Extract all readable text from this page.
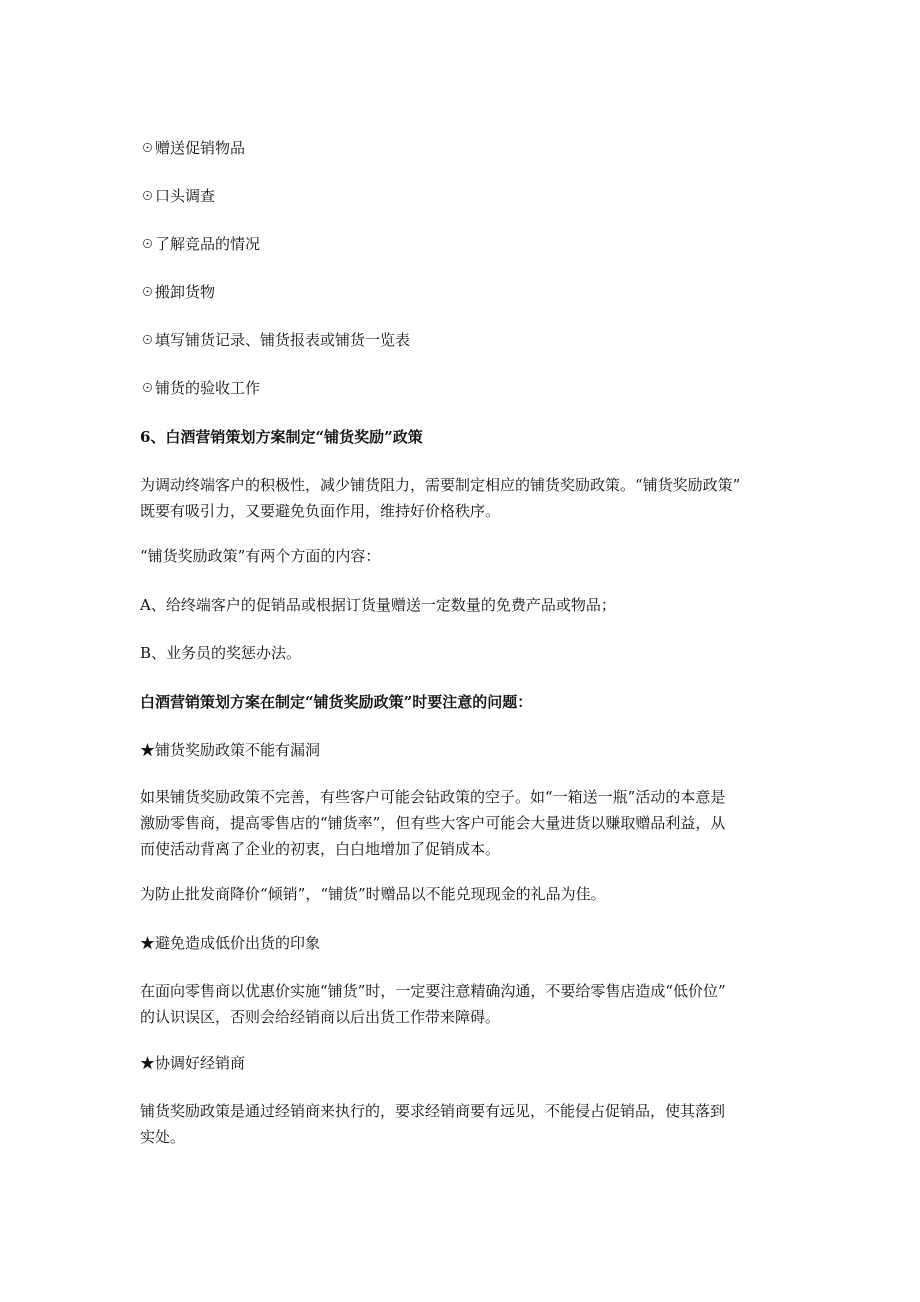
☉赠送促销物品
☉口头调查
☉了解竞品的情况
☉搬卸货物
☉填写铺货记录、铺货报表或铺货一览表
☉铺货的验收工作
6、白酒营销策划方案制定“铺货奖励”政策
为调动终端客户的积极性，减少铺货阻力，需要制定相应的铺货奖励政策。“铺货奖励政策”
既要有吸引力，又要避免负面作用，维持好价格秩序。
“铺货奖励政策”有两个方面的内容：
A、给终端客户的促销品或根据订货量赠送一定数量的免费产品或物品；
B、业务员的奖惩办法。
白酒营销策划方案在制定“铺货奖励政策”时要注意的问题：
★铺货奖励政策不能有漏洞
如果铺货奖励政策不完善，有些客户可能会钻政策的空子。如“一箱送一瓶”活动的本意是
激励零售商，提高零售店的“铺货率”，但有些大客户可能会大量进货以赚取赠品利益，从
而使活动背离了企业的初衷，白白地增加了促销成本。
为防止批发商降价“倾销”，“铺货”时赠品以不能兑现现金的礼品为佳。
★避免造成低价出货的印象
在面向零售商以优惠价实施“铺货”时，一定要注意精确沟通，不要给零售店造成“低价位”
的认识误区，否则会给经销商以后出货工作带来障碍。
★协调好经销商
铺货奖励政策是通过经销商来执行的，要求经销商要有远见，不能侵占促销品，使其落到
实处。
